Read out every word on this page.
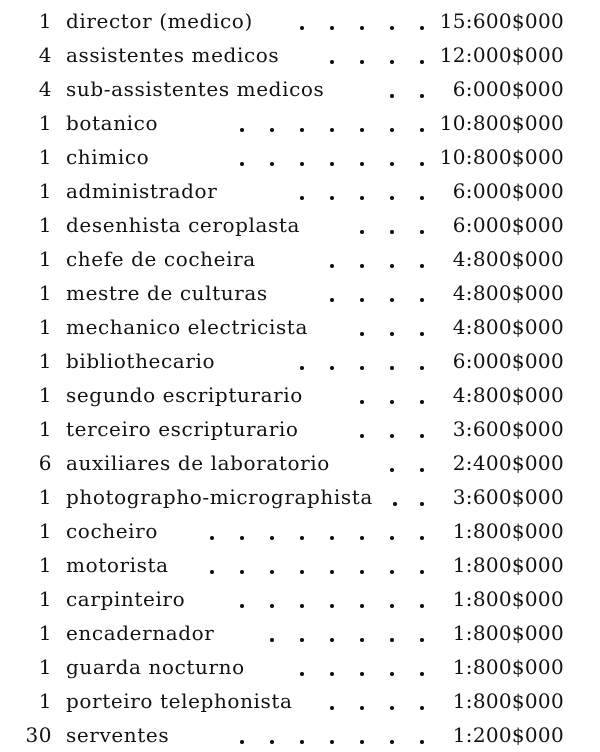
1 director (medico)	15:600$000
4 assistentes medicos	12:000$000
4 sub-assistentes medicos	6:000$000
1 botanico	10:800$000
1 chimico	10:800$000
1 administrador	6:000$000
1 desenhista ceroplasta	6:000$000
1 chefe de cocheira	4:800$000
1 mestre de culturas	4:800$000
1 mechanico electricista	4:800$000
1 bibliothecario	6:000$000
1 segundo escripturario	4:800$000
1 terceiro escripturario	3:600$000
6 auxiliares de laboratorio	2:400$000
1 photographo-micrographista	3:600$000
1 cocheiro	1:800$000
1 motorista	1:800$000
1 carpinteiro	1:800$000
1 encadernador	1:800$000
1 guarda nocturno	1:800$000
1 porteiro telephonista	1:800$000
30 serventes	1:200$000
